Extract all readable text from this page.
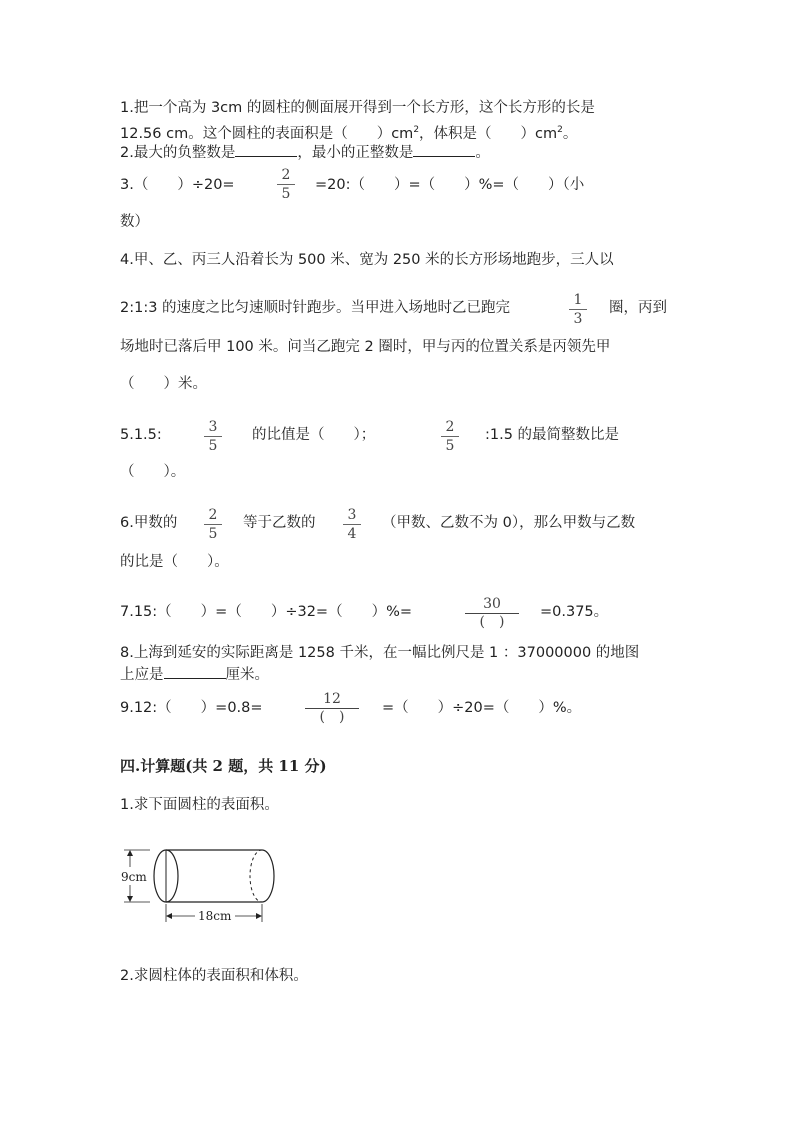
1.把一个高为 3cm 的圆柱的侧面展开得到一个长方形，这个长方形的长是
12.56 cm。这个圆柱的表面积是（　　）$cm^2$，体积是（　　）$cm^2$。
2.最大的负整数是	，最小的正整数是	。
3.（　　）÷20=
2
5
=20:（　　）=（　　）%=（　　）（小
数）
4.甲、乙、丙三人沿着长为 500 米、宽为 250 米的长方形场地跑步，三人以
2:1:3 的速度之比匀速顺时针跑步。当甲进入场地时乙已跑完	1
3
圈，丙到
场地时已落后甲 100 米。问当乙跑完 2 圈时，甲与丙的位置关系是丙领先甲
（　　）米。
5.1.5:	3
5
的比值是（　　）；	2
5
:1.5 的最简整数比是
（　　）。
6.甲数的	2
5
等于乙数的	3
4
（甲数、乙数不为 0），那么甲数与乙数
的比是（　　）。
7.15:（　　）=（　　）÷32=（　　）%=	30
(　)
=0.375。
8.上海到延安的实际距离是 1258 千米，在一幅比例尺是 1 ：37000000 的地图
上应是	厘米。
9.12:（　　）=0.8=
12
(　)
=（　　）÷20=（　　）%。
四.计算题(共 2 题，共 11 分)
1.求下面圆柱的表面积。
9cm
18cm
2.求圆柱体的表面积和体积。
